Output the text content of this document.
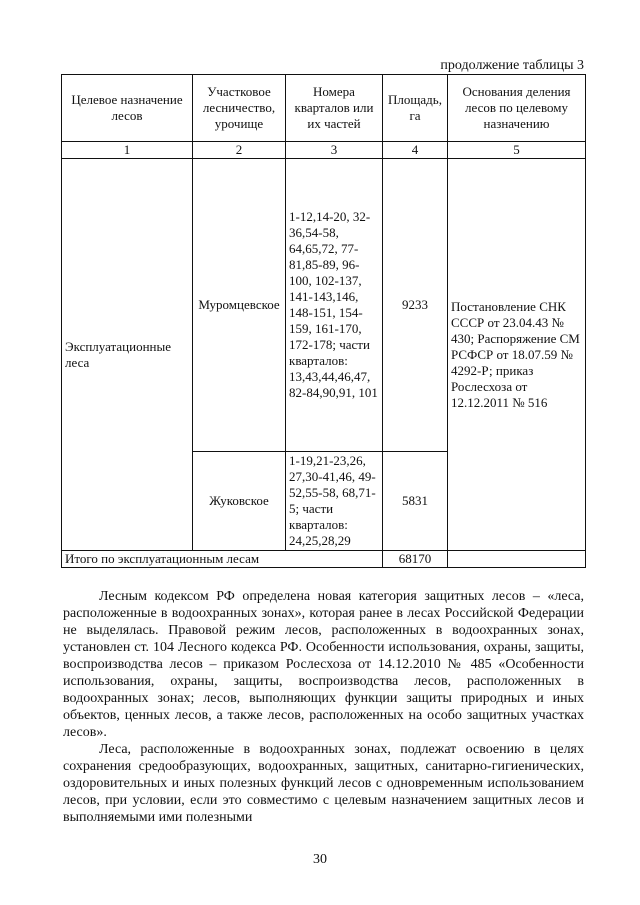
продолжение таблицы 3
Целевое назначение лесов	Участковое лесничество, урочище	Номера кварталов или их частей	Площадь, га	Основания деления лесов по целевому назначению
1	2	3	4	5
Эксплуатационные леса	Муромцевское	1-12,14-20, 32-36,54-58, 64,65,72, 77-81,85-89, 96-100, 102-137, 141-143,146, 148-151, 154-159, 161-170, 172-178; части кварталов: 13,43,44,46,47, 82-84,90,91, 101	9233	Постановление СНК СССР от 23.04.43 № 430; Распоряжение СМ РСФСР от 18.07.59 № 4292-Р; приказ Рослесхоза от 12.12.2011 № 516
	Жуковское	1-19,21-23,26, 27,30-41,46, 49-52,55-58, 68,71-5; части кварталов: 24,25,28,29	5831	
Итого по эксплуатационным лесам			68170	

Лесным кодексом РФ определена новая категория защитных лесов – «леса, расположенные в водоохранных зонах», которая ранее в лесах Российской Федерации не выделялась. Правовой режим лесов, расположенных в водоохранных зонах, установлен ст. 104 Лесного кодекса РФ. Особенности использования, охраны, защиты, воспроизводства лесов – приказом Рослесхоза от 14.12.2010 № 485 «Особенности использования, охраны, защиты, воспроизводства лесов, расположенных в водоохранных зонах; лесов, выполняющих функции защиты природных и иных объектов, ценных лесов, а также лесов, расположенных на особо защитных участках лесов».

Леса, расположенные в водоохранных зонах, подлежат освоению в целях сохранения средообразующих, водоохранных, защитных, санитарно-гигиенических, оздоровительных и иных полезных функций лесов с одновременным использованием лесов, при условии, если это совместимо с целевым назначением защитных лесов и выполняемыми ими полезными

30
